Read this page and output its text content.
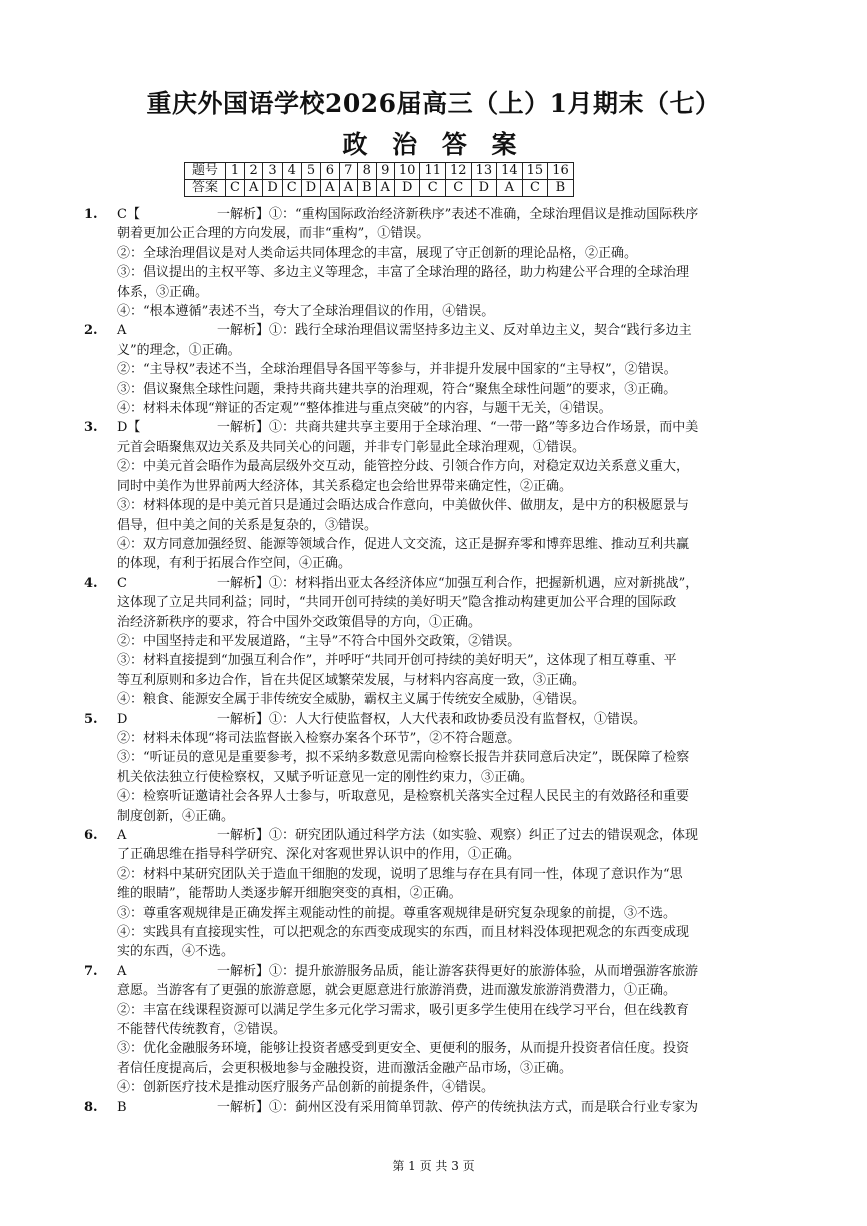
重庆外国语学校2026届高三（上）1月期末（七）
政 治 答 案
题号	1	2	3	4	5	6	7	8	9	10	11	12	13	14	15	16
答案	C	A	D	C	D	A	A	B	A	D	C	C	D	A	C	B
1. C【	一解析】①：“重构国际政治经济新秩序”表述不准确，全球治理倡议是推动国际秩序

朝着更加公正合理的方向发展，而非“重构”，①错误。

②：全球治理倡议是对人类命运共同体理念的丰富，展现了守正创新的理论品格，②正确。

③：倡议提出的主权平等、多边主义等理念，丰富了全球治理的路径，助力构建公平合理的全球治理

体系，③正确。

④：“根本遵循”表述不当，夸大了全球治理倡议的作用，④错误。

2. A	一解析】①：践行全球治理倡议需坚持多边主义、反对单边主义，契合“践行多边主

义”的理念，①正确。

②：“主导权”表述不当，全球治理倡导各国平等参与，并非提升发展中国家的“主导权”，②错误。

③：倡议聚焦全球性问题，秉持共商共建共享的治理观，符合“聚焦全球性问题”的要求，③正确。

④：材料未体现“辩证的否定观”“整体推进与重点突破”的内容，与题干无关，④错误。

3. D【	一解析】①：共商共建共享主要用于全球治理、“一带一路”等多边合作场景，而中美

元首会晤聚焦双边关系及共同关心的问题，并非专门彰显此全球治理观，①错误。

②：中美元首会晤作为最高层级外交互动，能管控分歧、引领合作方向，对稳定双边关系意义重大，

同时中美作为世界前两大经济体，其关系稳定也会给世界带来确定性，②正确。

③：材料体现的是中美元首只是通过会晤达成合作意向，中美做伙伴、做朋友，是中方的积极愿景与

倡导，但中美之间的关系是复杂的，③错误。

④：双方同意加强经贸、能源等领域合作，促进人文交流，这正是摒弃零和博弈思维、推动互利共赢

的体现，有利于拓展合作空间，④正确。

4. C	一解析】①：材料指出亚太各经济体应“加强互利合作，把握新机遇，应对新挑战”，

这体现了立足共同利益；同时，“共同开创可持续的美好明天”隐含推动构建更加公平合理的国际政

治经济新秩序的要求，符合中国外交政策倡导的方向，①正确。

②：中国坚持走和平发展道路，“主导”不符合中国外交政策，②错误。

③：材料直接提到“加强互利合作”，并呼吁“共同开创可持续的美好明天”，这体现了相互尊重、平

等互利原则和多边合作，旨在共促区域繁荣发展，与材料内容高度一致，③正确。

④：粮食、能源安全属于非传统安全威胁，霸权主义属于传统安全威胁，④错误。

5. D	一解析】①：人大行使监督权，人大代表和政协委员没有监督权，①错误。

②：材料未体现“将司法监督嵌入检察办案各个环节”，②不符合题意。

③：“听证员的意见是重要参考，拟不采纳多数意见需向检察长报告并获同意后决定”，既保障了检察

机关依法独立行使检察权，又赋予听证意见一定的刚性约束力，③正确。

④：检察听证邀请社会各界人士参与，听取意见，是检察机关落实全过程人民民主的有效路径和重要

制度创新，④正确。

6. A	一解析】①：研究团队通过科学方法（如实验、观察）纠正了过去的错误观念，体现

了正确思维在指导科学研究、深化对客观世界认识中的作用，①正确。

②：材料中某研究团队关于造血干细胞的发现，说明了思维与存在具有同一性，体现了意识作为“思

维的眼睛”，能帮助人类逐步解开细胞突变的真相，②正确。

③：尊重客观规律是正确发挥主观能动性的前提。尊重客观规律是研究复杂现象的前提，③不选。

④：实践具有直接现实性，可以把观念的东西变成现实的东西，而且材料没体现把观念的东西变成现

实的东西，④不选。

7. A	一解析】①：提升旅游服务品质，能让游客获得更好的旅游体验，从而增强游客旅游

意愿。当游客有了更强的旅游意愿，就会更愿意进行旅游消费，进而激发旅游消费潜力，①正确。

②：丰富在线课程资源可以满足学生多元化学习需求，吸引更多学生使用在线学习平台，但在线教育

不能替代传统教育，②错误。

③：优化金融服务环境，能够让投资者感受到更安全、更便利的服务，从而提升投资者信任度。投资

者信任度提高后，会更积极地参与金融投资，进而激活金融产品市场，③正确。

④：创新医疗技术是推动医疗服务产品创新的前提条件，④错误。

8. B	一解析】①：蓟州区没有采用简单罚款、停产的传统执法方式，而是联合行业专家为

第 1 页 共 3 页
